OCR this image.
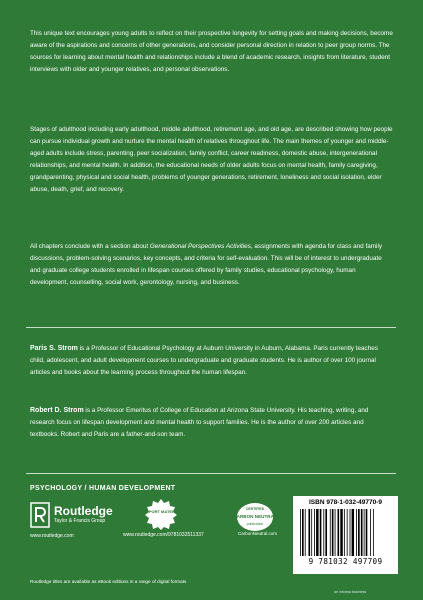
This unique text encourages young adults to reflect on their prospective longevity for setting goals and making decisions, become aware of the aspirations and concerns of other generations, and consider personal direction in relation to peer group norms. The sources for learning about mental health and relationships include a blend of academic research, insights from literature, student interviews with older and younger relatives, and personal observations.

Stages of adulthood including early adulthood, middle adulthood, retirement age, and old age, are described showing how people can pursue individual growth and nurture the mental health of relatives throughout life. The main themes of younger and middle-aged adults include stress, parenting, peer socialization, family conflict, career readiness, domestic abuse, intergenerational relationships, and mental health. In addition, the educational needs of older adults focus on mental health, family caregiving, grandparenting, physical and social health, problems of younger generations, retirement, loneliness and social isolation, elder abuse, death, grief, and recovery.

All chapters conclude with a section about Generational Perspectives Activities, assignments with agenda for class and family discussions, problem-solving scenarios, key concepts, and criteria for self-evaluation. This will be of interest to undergraduate and graduate college students enrolled in lifespan courses offered by family studies, educational psychology, human development, counselling, social work, gerontology, nursing, and business.

Paris S. Strom is a Professor of Educational Psychology at Auburn University in Auburn, Alabama. Paris currently teaches child, adolescent, and adult development courses to undergraduate and graduate students. He is author of over 100 journal articles and books about the learning process throughout the human lifespan.

Robert D. Strom is a Professor Emeritus of College of Education at Arizona State University. His teaching, writing, and research focus on lifespan development and mental health to support families. He is the author of over 200 articles and textbooks. Robert and Paris are a father-and-son team.

PSYCHOLOGY / HUMAN DEVELOPMENT
Routledge
Taylor & Francis Group
www.routledge.com
SUPPORT MATERIAL
www.routledge.com/9781032511337
CERTIFIED
CARBON NEUTRAL
publication
CarbonNeutral.com
ISBN 978-1-032-49770-9
9 781032 497709
Routledge titles are available as eBook editions in a range of digital formats
an informa business
